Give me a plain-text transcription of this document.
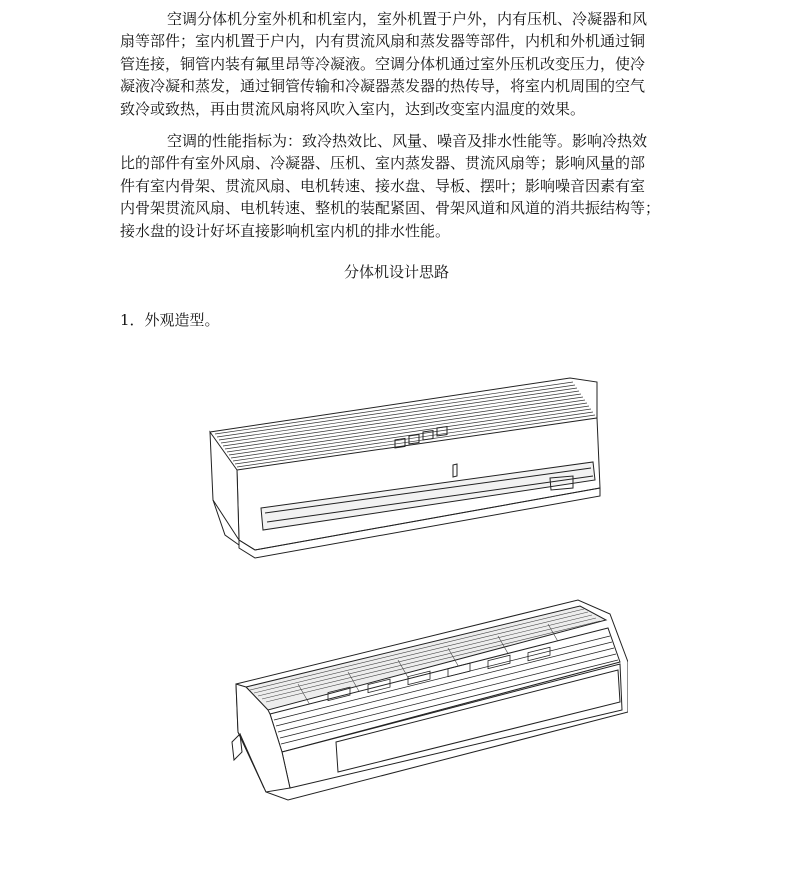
空调分体机分室外机和机室内，室外机置于户外，内有压机、冷凝器和风
扇等部件；室内机置于户内，内有贯流风扇和蒸发器等部件，内机和外机通过铜
管连接，铜管内装有氟里昂等冷凝液。空调分体机通过室外压机改变压力，使冷
凝液冷凝和蒸发，通过铜管传输和冷凝器蒸发器的热传导，将室内机周围的空气
致冷或致热，再由贯流风扇将风吹入室内，达到改变室内温度的效果。
空调的性能指标为：致冷热效比、风量、噪音及排水性能等。影响冷热效
比的部件有室外风扇、冷凝器、压机、室内蒸发器、贯流风扇等；影响风量的部
件有室内骨架、贯流风扇、电机转速、接水盘、导板、摆叶；影响噪音因素有室
内骨架贯流风扇、电机转速、整机的装配紧固、骨架风道和风道的消共振结构等；
接水盘的设计好坏直接影响机室内机的排水性能。

分体机设计思路

1．外观造型。
